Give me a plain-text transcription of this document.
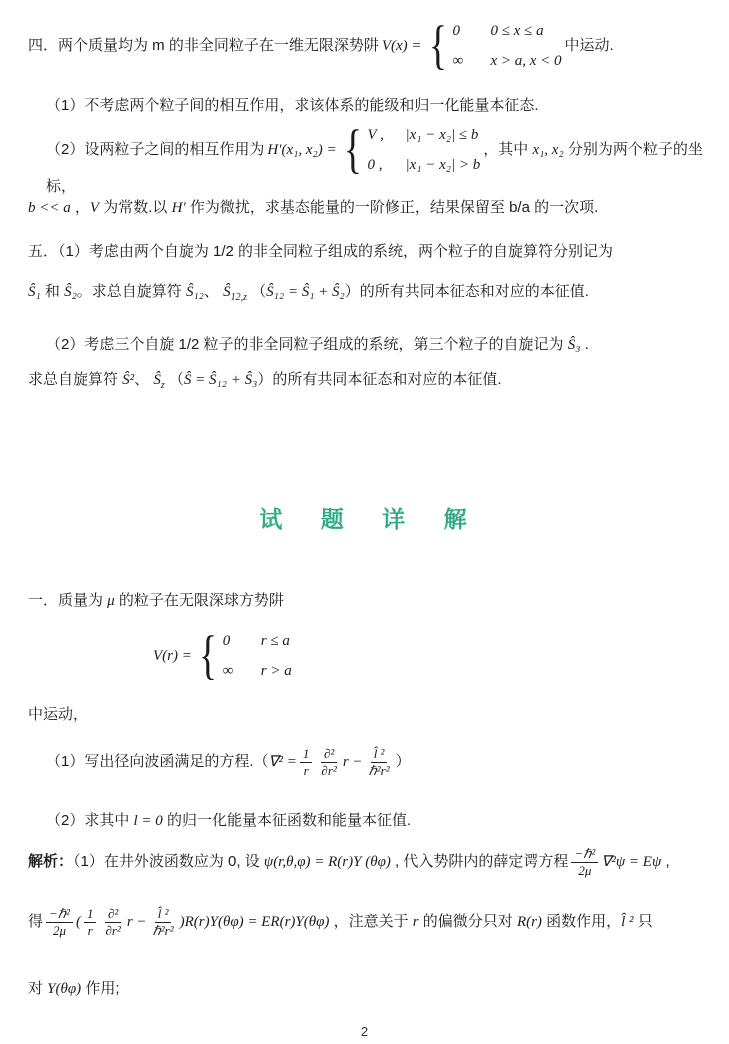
四．两个质量均为 m 的非全同粒子在一维无限深势阱 V(x) = { 0	0 ≤ x ≤ a
∞	x > a, x < 0
中运动.
（1）不考虑两个粒子间的相互作用，求该体系的能级和归一化能量本征态.
（2）设两粒子之间的相互作用为 H′(x₁, x₂) = { V ,	|x₁ − x₂| ≤ b
0 ,	|x₁ − x₂| > b
，其中 x₁, x₂ 分别为两个粒子的坐标，
b << a ，V 为常数.以 H′ 作为微扰，求基态能量的一阶修正，结果保留至 b/a 的一次项.
五．（1）考虑由两个自旋为 1/2 的非全同粒子组成的系统，两个粒子的自旋算符分别记为
Ŝ₁ 和 Ŝ₂。求总自旋算符 Ŝ₁₂、 $Ŝ_{12,z}$ （Ŝ₁₂ = Ŝ₁ + Ŝ₂）的所有共同本征态和对应的本征值.
（2）考虑三个自旋 1/2 粒子的非全同粒子组成的系统，第三个粒子的自旋记为 Ŝ₃ .
求总自旋算符 Ŝ²、 $Ŝ_z$ （Ŝ = Ŝ₁₂ + Ŝ₃）的所有共同本征态和对应的本征值.
试 题 详 解
一．质量为 μ 的粒子在无限深球方势阱
V(r) = { 0	r ≤ a
∞	r > a
中运动，
（1）写出径向波函满足的方程$.(\nabla^2 = \frac{1}{r} \frac{\text{∂²}}{\text{∂r²}}$ $r - \frac{\text{l̂ ²}}{\text{ℏ²r²}}$ ）
（2）求其中 l = 0 的归一化能量本征函数和能量本征值.
解析：（1）在井外波函数应为 0, 设 ψ(r,θ,φ) = R(r)Y (θφ) , 代入势阱内的薛定谔方程 $\frac{\text{−ℏ²}}{2\mu} \nabla^2\psi = E\psi$ ,
得 $\frac{\text{−ℏ²}}{2\mu}$ ( $\frac{1}{r} \frac{\text{∂²}}{\text{∂r²}}$ $r - \frac{\text{l̂ ²}}{\text{ℏ²r²}} )R(r)Y(\theta\varphi) = ER(r)Y(\theta\varphi)$ ，注意关于 r 的偏微分只对 R(r) 函数作用，l̂ ² 只
对 Y(θφ) 作用;
2
